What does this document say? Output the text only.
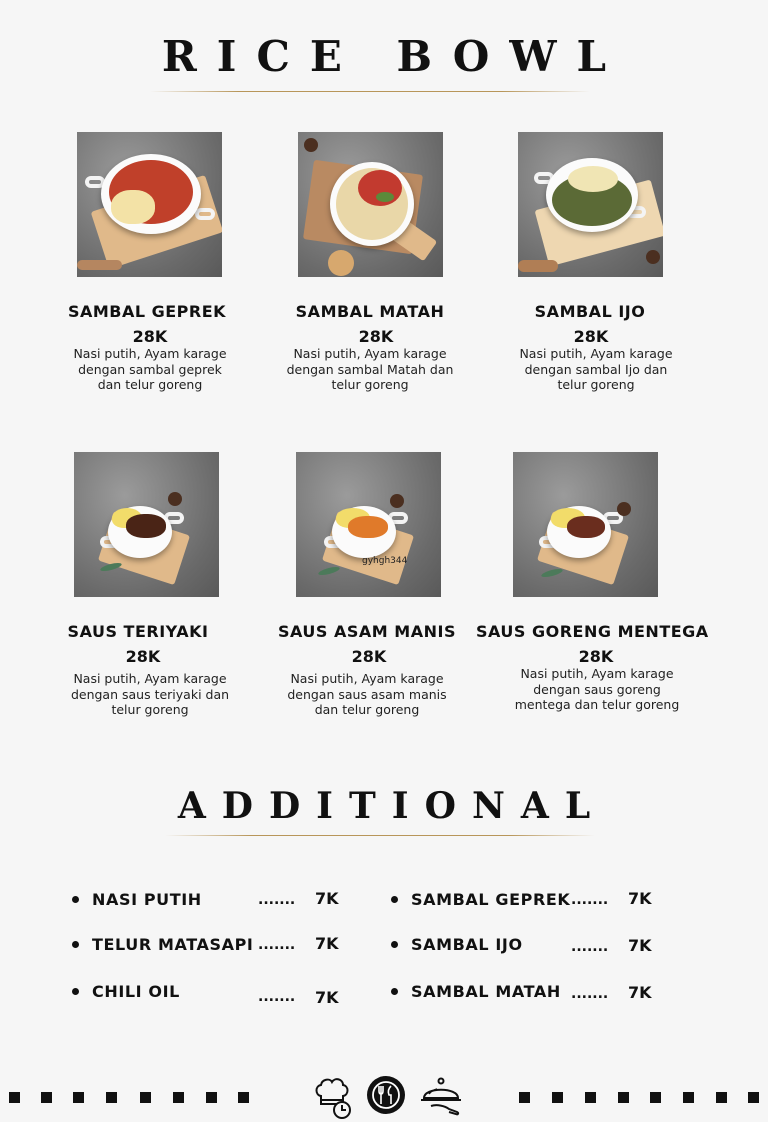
RICE BOWL
SAMBAL GEPREK
28K
Nasi putih, Ayam karage dengan sambal geprek dan telur goreng
SAMBAL MATAH
28K
Nasi putih, Ayam karage dengan sambal Matah dan telur goreng
SAMBAL IJO
28K
Nasi putih, Ayam karage dengan sambal Ijo dan telur goreng
gyhgh344
SAUS TERIYAKI
28K
Nasi putih, Ayam karage dengan saus teriyaki dan telur goreng
SAUS ASAM MANIS
28K
Nasi putih, Ayam karage dengan saus asam manis dan telur goreng
SAUS GORENG MENTEGA
28K
Nasi putih, Ayam karage dengan saus goreng mentega dan telur goreng
ADDITIONAL
NASI PUTIH	....... 7K
TELUR MATASAPI ....... 7K
CHILI OIL	....... 7K
SAMBAL GEPREK ....... 7K
SAMBAL IJO	....... 7K
SAMBAL MATAH ....... 7K
